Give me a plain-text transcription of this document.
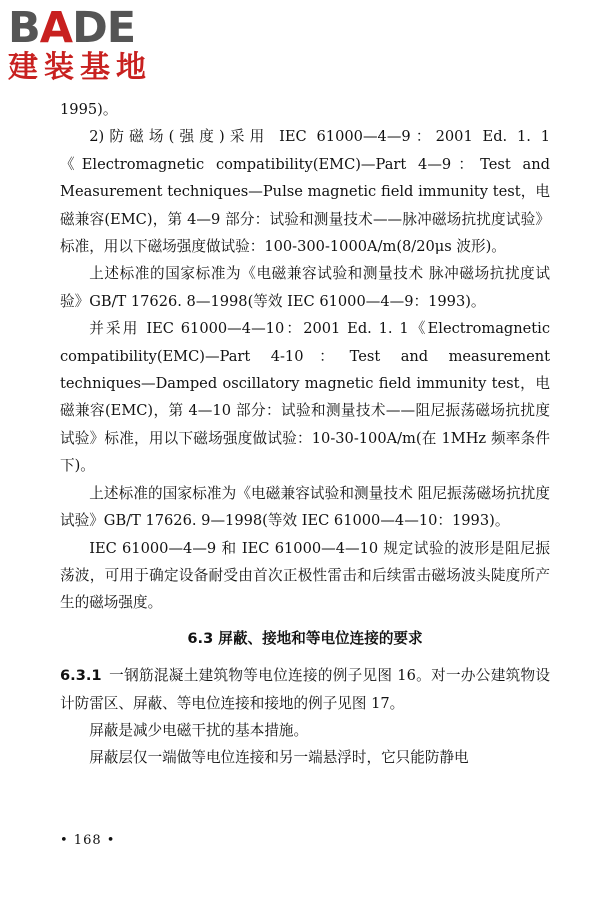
BADE
建装基地

1995)。

2)防磁场(强度)采用 IEC 61000—4—9：2001 Ed. 1. 1《Electromagnetic compatibility(EMC)—Part 4—9：Test and Measurement techniques—Pulse magnetic field immunity test，电磁兼容(EMC)，第 4—9 部分：试验和测量技术——脉冲磁场抗扰度试验》标准，用以下磁场强度做试验：100-300-1000A/m(8/20μs 波形)。

上述标准的国家标准为《电磁兼容试验和测量技术 脉冲磁场抗扰度试验》GB/T 17626. 8—1998(等效 IEC 61000—4—9：1993)。

并采用 IEC 61000—4—10：2001 Ed. 1. 1《Electromagnetic compatibility(EMC)—Part 4-10：Test and measurement techniques—Damped oscillatory magnetic field immunity test，电磁兼容(EMC)，第 4—10 部分：试验和测量技术——阻尼振荡磁场抗扰度试验》标准，用以下磁场强度做试验：10-30-100A/m(在 1MHz 频率条件下)。

上述标准的国家标准为《电磁兼容试验和测量技术 阻尼振荡磁场抗扰度试验》GB/T 17626. 9—1998(等效 IEC 61000—4—10：1993)。

IEC 61000—4—9 和 IEC 61000—4—10 规定试验的波形是阻尼振荡波，可用于确定设备耐受由首次正极性雷击和后续雷击磁场波头陡度所产生的磁场强度。

6.3 屏蔽、接地和等电位连接的要求

6.3.1 一钢筋混凝土建筑物等电位连接的例子见图 16。对一办公建筑物设计防雷区、屏蔽、等电位连接和接地的例子见图 17。

屏蔽是减少电磁干扰的基本措施。

屏蔽层仅一端做等电位连接和另一端悬浮时，它只能防静电

• 168 •
